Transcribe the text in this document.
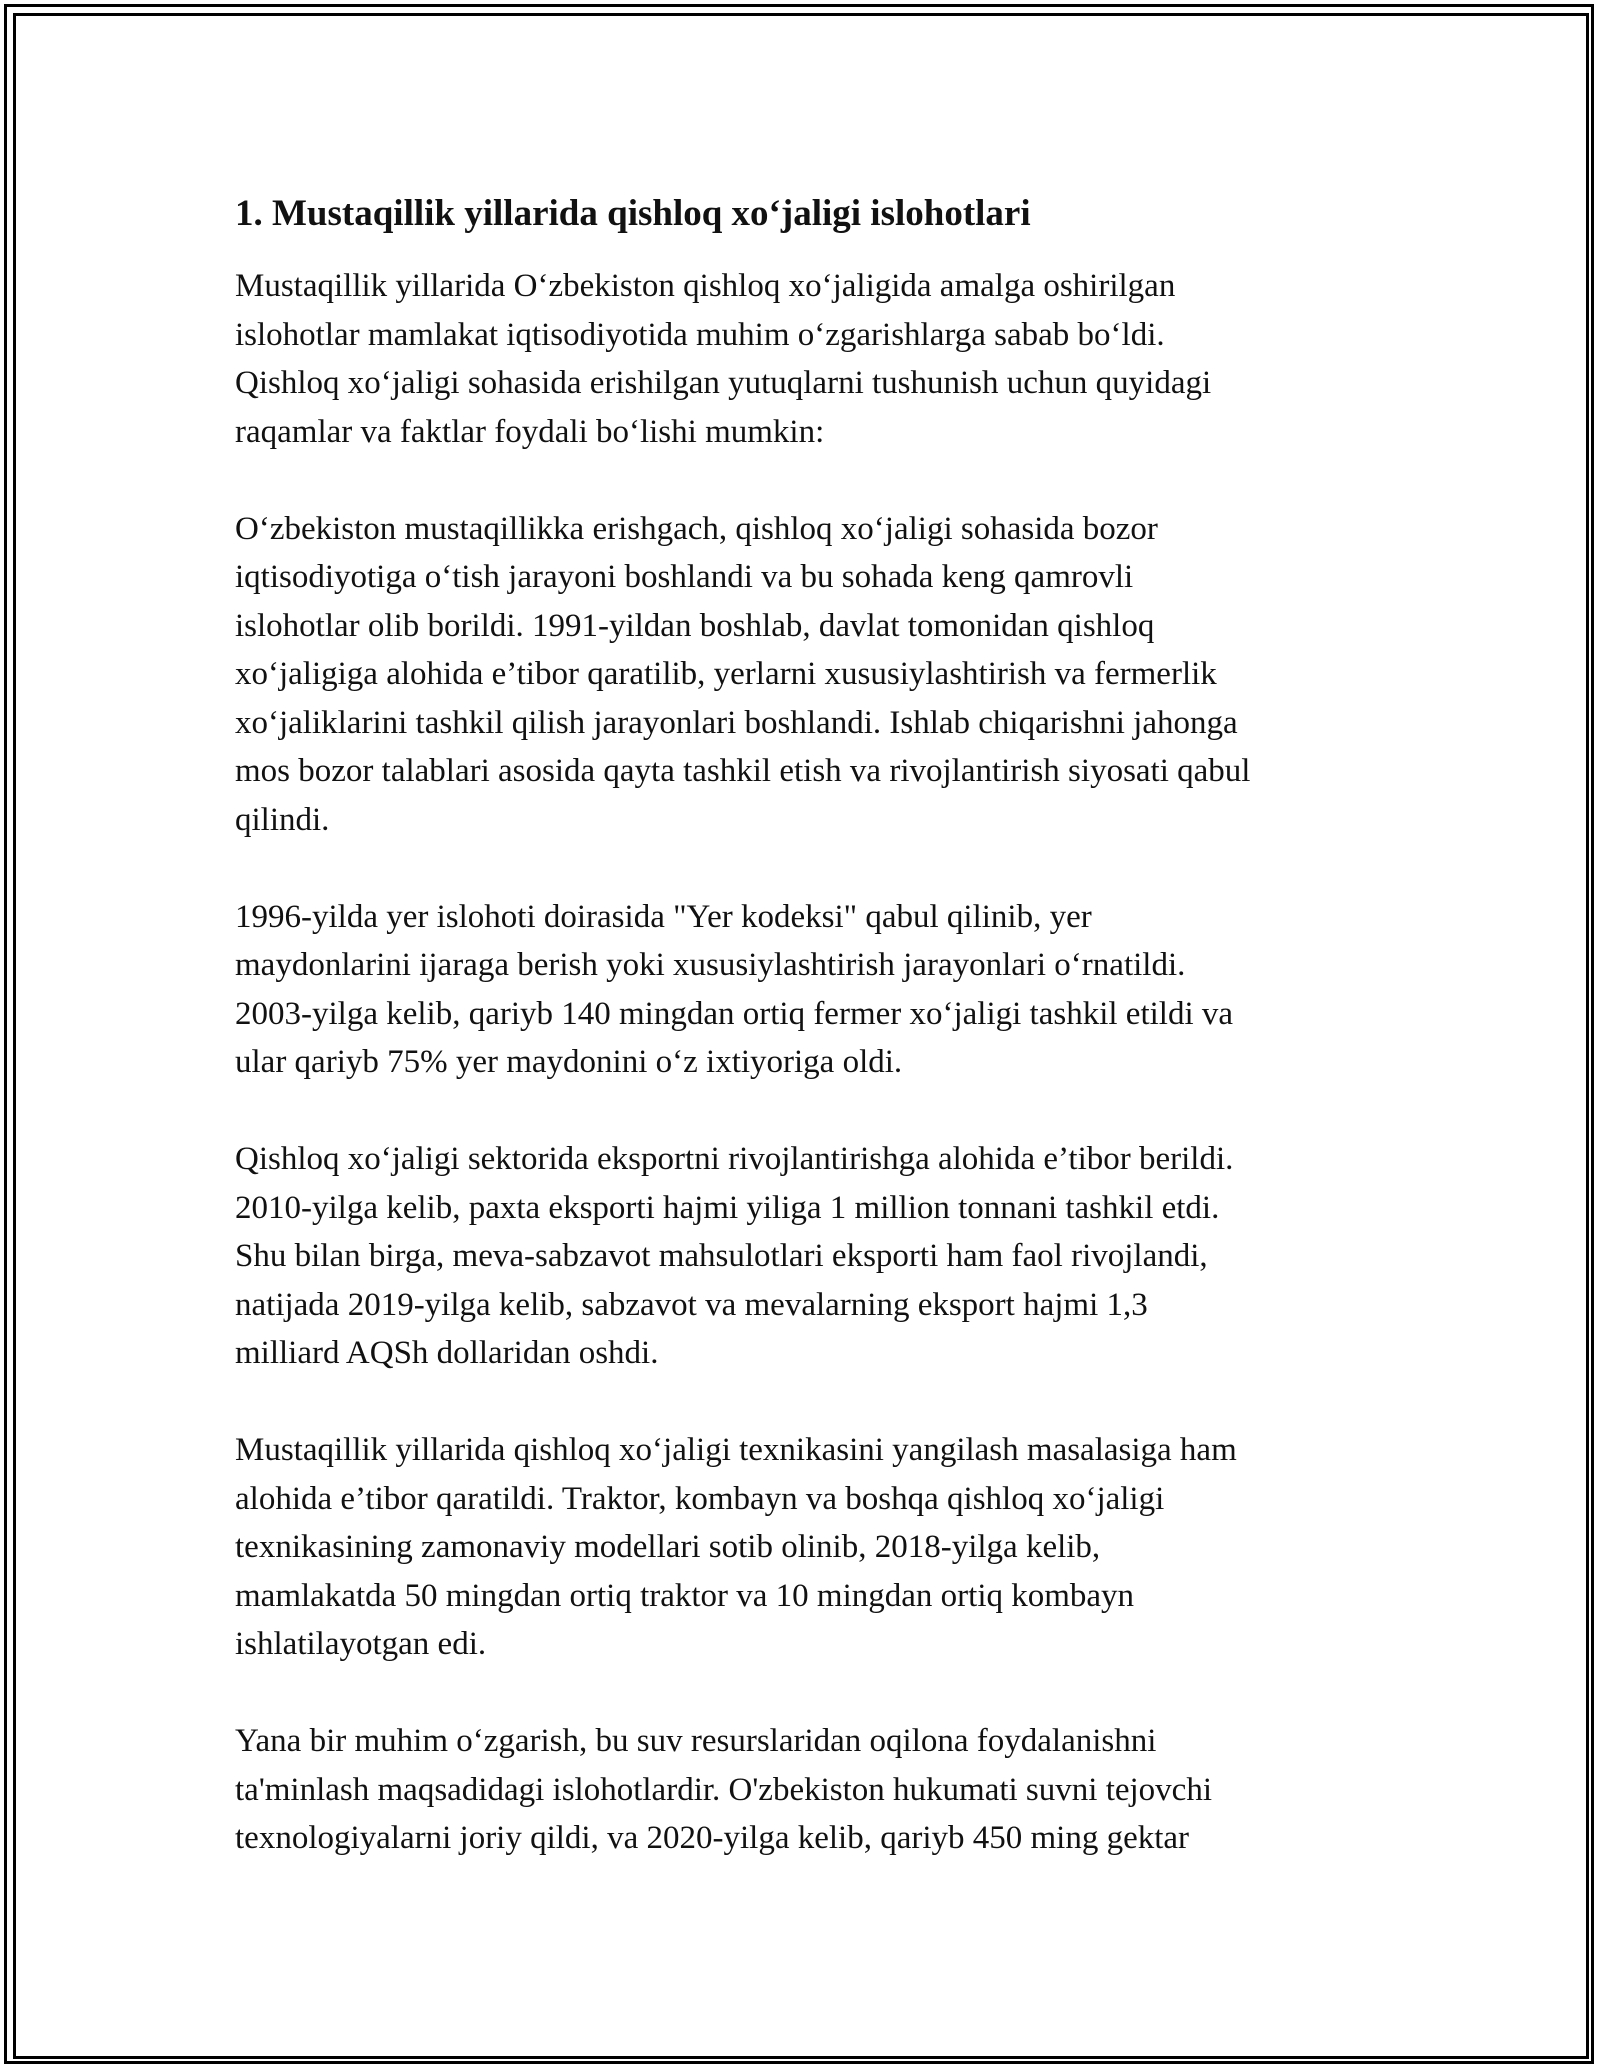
1. Mustaqillik yillarida qishloq xo‘jaligi islohotlari

Mustaqillik yillarida O‘zbekiston qishloq xo‘jaligida amalga oshirilgan
islohotlar mamlakat iqtisodiyotida muhim o‘zgarishlarga sabab bo‘ldi.
Qishloq xo‘jaligi sohasida erishilgan yutuqlarni tushunish uchun quyidagi
raqamlar va faktlar foydali bo‘lishi mumkin:

O‘zbekiston mustaqillikka erishgach, qishloq xo‘jaligi sohasida bozor
iqtisodiyotiga o‘tish jarayoni boshlandi va bu sohada keng qamrovli
islohotlar olib borildi. 1991-yildan boshlab, davlat tomonidan qishloq
xo‘jaligiga alohida e’tibor qaratilib, yerlarni xususiylashtirish va fermerlik
xo‘jaliklarini tashkil qilish jarayonlari boshlandi. Ishlab chiqarishni jahonga
mos bozor talablari asosida qayta tashkil etish va rivojlantirish siyosati qabul
qilindi.

1996-yilda yer islohoti doirasida "Yer kodeksi" qabul qilinib, yer
maydonlarini ijaraga berish yoki xususiylashtirish jarayonlari o‘rnatildi.
2003-yilga kelib, qariyb 140 mingdan ortiq fermer xo‘jaligi tashkil etildi va
ular qariyb 75% yer maydonini o‘z ixtiyoriga oldi.

Qishloq xo‘jaligi sektorida eksportni rivojlantirishga alohida e’tibor berildi.
2010-yilga kelib, paxta eksporti hajmi yiliga 1 million tonnani tashkil etdi.
Shu bilan birga, meva-sabzavot mahsulotlari eksporti ham faol rivojlandi,
natijada 2019-yilga kelib, sabzavot va mevalarning eksport hajmi 1,3
milliard AQSh dollaridan oshdi.

Mustaqillik yillarida qishloq xo‘jaligi texnikasini yangilash masalasiga ham
alohida e’tibor qaratildi. Traktor, kombayn va boshqa qishloq xo‘jaligi
texnikasining zamonaviy modellari sotib olinib, 2018-yilga kelib,
mamlakatda 50 mingdan ortiq traktor va 10 mingdan ortiq kombayn
ishlatilayotgan edi.

Yana bir muhim o‘zgarish, bu suv resurslaridan oqilona foydalanishni
ta'minlash maqsadidagi islohotlardir. O'zbekiston hukumati suvni tejovchi
texnologiyalarni joriy qildi, va 2020-yilga kelib, qariyb 450 ming gektar
